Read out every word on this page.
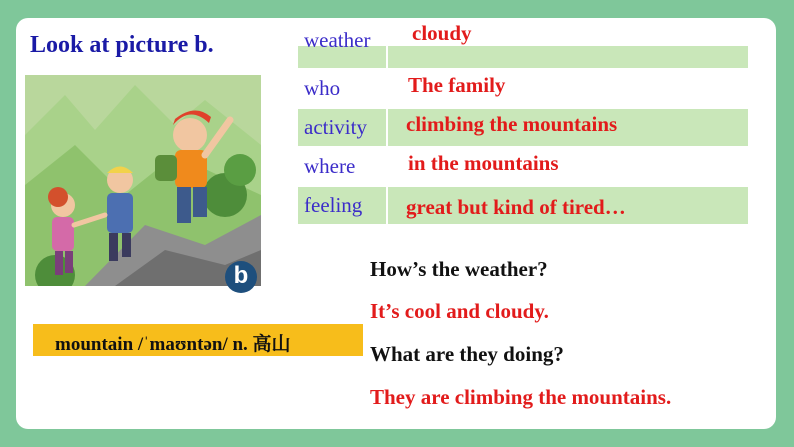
Look at picture b.
b
weather cloudy
who	The family
activity climbing the mountains
where	in the mountains
feeling great but kind of tired…
mountain /ˈmaʊntən/ n. 高山
How’s the weather?
It’s cool and cloudy.
What are they doing?
They are climbing the mountains.
